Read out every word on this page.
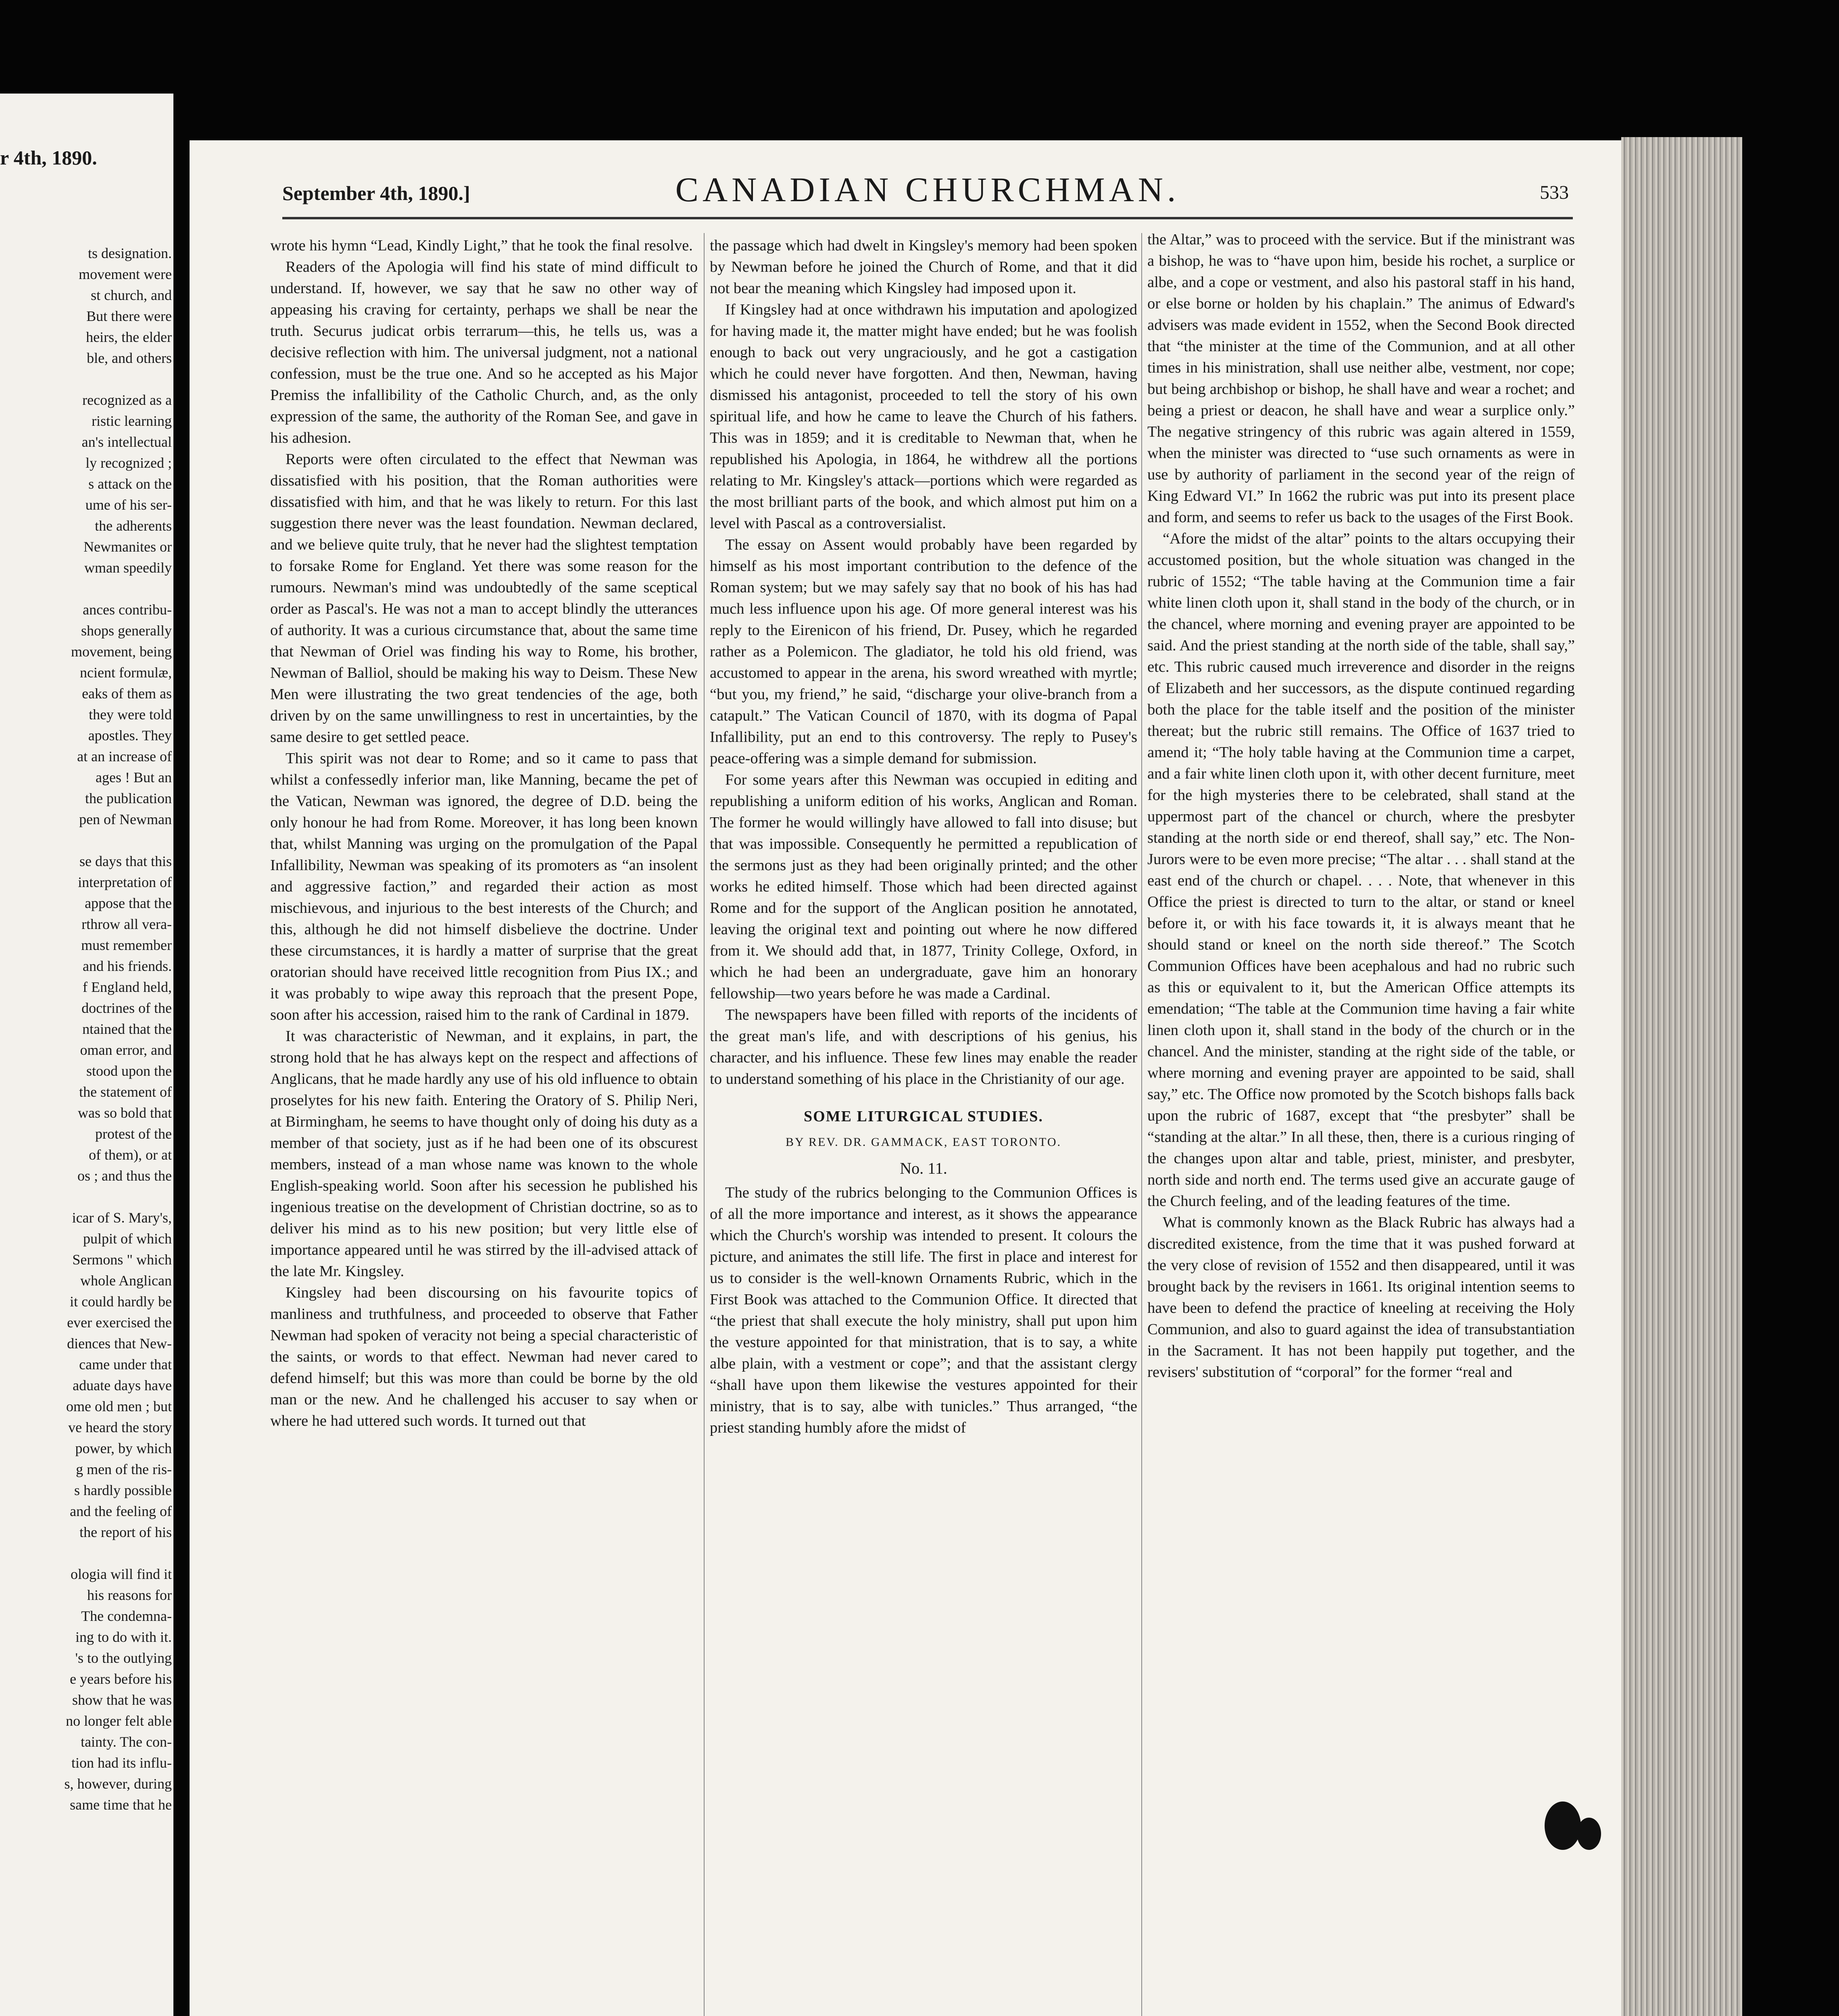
r 4th, 1890.
ts designation.
movement were
st church, and
But there were
heirs, the elder
ble, and others
recognized as a
ristic learning
an's intellectual
ly recognized ;
s attack on the
ume of his ser-
the adherents
Newmanites or
wman speedily
ances contribu-
shops generally
movement, being
ncient formulæ,
eaks of them as
they were told
apostles. They
at an increase of
ages ! But an
the publication
pen of Newman
se days that this
interpretation of
appose that the
rthrow all vera-
must remember
and his friends.
f England held,
doctrines of the
ntained that the
oman error, and
stood upon the
the statement of
was so bold that
protest of the
of them), or at
os ; and thus the
icar of S. Mary's,
pulpit of which
Sermons " which
whole Anglican
it could hardly be
ever exercised the
diences that New-
came under that
aduate days have
ome old men ; but
ve heard the story
power, by which
g men of the ris-
s hardly possible
and the feeling of
the report of his
ologia will find it
his reasons for
The condemna-
ing to do with it.
's to the outlying
e years before his
show that he was
no longer felt able
tainty. The con-
tion had its influ-
s, however, during
same time that he
September 4th, 1890.]	CANADIAN CHURCHMAN.	533

wrote his hymn “Lead, Kindly Light,” that he took the final resolve.

Readers of the Apologia will find his state of mind difficult to understand. If, however, we say that he saw no other way of appeasing his craving for certainty, perhaps we shall be near the truth. Securus judicat orbis terrarum—this, he tells us, was a decisive reflection with him. The universal judgment, not a national confession, must be the true one. And so he accepted as his Major Premiss the infallibility of the Catholic Church, and, as the only expression of the same, the authority of the Roman See, and gave in his adhesion.

Reports were often circulated to the effect that Newman was dissatisfied with his position, that the Roman authorities were dissatisfied with him, and that he was likely to return. For this last suggestion there never was the least foundation. Newman declared, and we believe quite truly, that he never had the slightest temptation to forsake Rome for England. Yet there was some reason for the rumours. Newman's mind was undoubtedly of the same sceptical order as Pascal's. He was not a man to accept blindly the utterances of authority. It was a curious circumstance that, about the same time that Newman of Oriel was finding his way to Rome, his brother, Newman of Balliol, should be making his way to Deism. These New Men were illustrating the two great tendencies of the age, both driven by on the same unwillingness to rest in uncertainties, by the same desire to get settled peace.

This spirit was not dear to Rome; and so it came to pass that whilst a confessedly inferior man, like Manning, became the pet of the Vatican, Newman was ignored, the degree of D.D. being the only honour he had from Rome. Moreover, it has long been known that, whilst Manning was urging on the promulgation of the Papal Infallibility, Newman was speaking of its promoters as “an insolent and aggressive faction,” and regarded their action as most mischievous, and injurious to the best interests of the Church; and this, although he did not himself disbelieve the doctrine. Under these circumstances, it is hardly a matter of surprise that the great oratorian should have received little recognition from Pius IX.; and it was probably to wipe away this reproach that the present Pope, soon after his accession, raised him to the rank of Cardinal in 1879.

It was characteristic of Newman, and it explains, in part, the strong hold that he has always kept on the respect and affections of Anglicans, that he made hardly any use of his old influence to obtain proselytes for his new faith. Entering the Oratory of S. Philip Neri, at Birmingham, he seems to have thought only of doing his duty as a member of that society, just as if he had been one of its obscurest members, instead of a man whose name was known to the whole English-speaking world. Soon after his secession he published his ingenious treatise on the development of Christian doctrine, so as to deliver his mind as to his new position; but very little else of importance appeared until he was stirred by the ill-advised attack of the late Mr. Kingsley.

Kingsley had been discoursing on his favourite topics of manliness and truthfulness, and proceeded to observe that Father Newman had spoken of veracity not being a special characteristic of the saints, or words to that effect. Newman had never cared to defend himself; but this was more than could be borne by the old man or the new. And he challenged his accuser to say when or where he had uttered such words. It turned out that

the passage which had dwelt in Kingsley's memory had been spoken by Newman before he joined the Church of Rome, and that it did not bear the meaning which Kingsley had imposed upon it.

If Kingsley had at once withdrawn his imputation and apologized for having made it, the matter might have ended; but he was foolish enough to back out very ungraciously, and he got a castigation which he could never have forgotten. And then, Newman, having dismissed his antagonist, proceeded to tell the story of his own spiritual life, and how he came to leave the Church of his fathers. This was in 1859; and it is creditable to Newman that, when he republished his Apologia, in 1864, he withdrew all the portions relating to Mr. Kingsley's attack—portions which were regarded as the most brilliant parts of the book, and which almost put him on a level with Pascal as a controversialist.

The essay on Assent would probably have been regarded by himself as his most important contribution to the defence of the Roman system; but we may safely say that no book of his has had much less influence upon his age. Of more general interest was his reply to the Eirenicon of his friend, Dr. Pusey, which he regarded rather as a Polemicon. The gladiator, he told his old friend, was accustomed to appear in the arena, his sword wreathed with myrtle; “but you, my friend,” he said, “discharge your olive-branch from a catapult.” The Vatican Council of 1870, with its dogma of Papal Infallibility, put an end to this controversy. The reply to Pusey's peace-offering was a simple demand for submission.

For some years after this Newman was occupied in editing and republishing a uniform edition of his works, Anglican and Roman. The former he would willingly have allowed to fall into disuse; but that was impossible. Consequently he permitted a republication of the sermons just as they had been originally printed; and the other works he edited himself. Those which had been directed against Rome and for the support of the Anglican position he annotated, leaving the original text and pointing out where he now differed from it. We should add that, in 1877, Trinity College, Oxford, in which he had been an undergraduate, gave him an honorary fellowship—two years before he was made a Cardinal.

The newspapers have been filled with reports of the incidents of the great man's life, and with descriptions of his genius, his character, and his influence. These few lines may enable the reader to understand something of his place in the Christianity of our age.

SOME LITURGICAL STUDIES.
BY REV. DR. GAMMACK, EAST TORONTO.
No. 11.

The study of the rubrics belonging to the Communion Offices is of all the more importance and interest, as it shows the appearance which the Church's worship was intended to present. It colours the picture, and animates the still life. The first in place and interest for us to consider is the well-known Ornaments Rubric, which in the First Book was attached to the Communion Office. It directed that “the priest that shall execute the holy ministry, shall put upon him the vesture appointed for that ministration, that is to say, a white albe plain, with a vestment or cope”; and that the assistant clergy “shall have upon them likewise the vestures appointed for their ministry, that is to say, albe with tunicles.” Thus arranged, “the priest standing humbly afore the midst of

the Altar,” was to proceed with the service. But if the ministrant was a bishop, he was to “have upon him, beside his rochet, a surplice or albe, and a cope or vestment, and also his pastoral staff in his hand, or else borne or holden by his chaplain.” The animus of Edward's advisers was made evident in 1552, when the Second Book directed that “the minister at the time of the Communion, and at all other times in his ministration, shall use neither albe, vestment, nor cope; but being archbishop or bishop, he shall have and wear a rochet; and being a priest or deacon, he shall have and wear a surplice only.” The negative stringency of this rubric was again altered in 1559, when the minister was directed to “use such ornaments as were in use by authority of parliament in the second year of the reign of King Edward VI.” In 1662 the rubric was put into its present place and form, and seems to refer us back to the usages of the First Book.

“Afore the midst of the altar” points to the altars occupying their accustomed position, but the whole situation was changed in the rubric of 1552; “The table having at the Communion time a fair white linen cloth upon it, shall stand in the body of the church, or in the chancel, where morning and evening prayer are appointed to be said. And the priest standing at the north side of the table, shall say,” etc. This rubric caused much irreverence and disorder in the reigns of Elizabeth and her successors, as the dispute continued regarding both the place for the table itself and the position of the minister thereat; but the rubric still remains. The Office of 1637 tried to amend it; “The holy table having at the Communion time a carpet, and a fair white linen cloth upon it, with other decent furniture, meet for the high mysteries there to be celebrated, shall stand at the uppermost part of the chancel or church, where the presbyter standing at the north side or end thereof, shall say,” etc. The Non-Jurors were to be even more precise; “The altar . . . shall stand at the east end of the church or chapel. . . . Note, that whenever in this Office the priest is directed to turn to the altar, or stand or kneel before it, or with his face towards it, it is always meant that he should stand or kneel on the north side thereof.” The Scotch Communion Offices have been acephalous and had no rubric such as this or equivalent to it, but the American Office attempts its emendation; “The table at the Communion time having a fair white linen cloth upon it, shall stand in the body of the church or in the chancel. And the minister, standing at the right side of the table, or where morning and evening prayer are appointed to be said, shall say,” etc. The Office now promoted by the Scotch bishops falls back upon the rubric of 1687, except that “the presbyter” shall be “standing at the altar.” In all these, then, there is a curious ringing of the changes upon altar and table, priest, minister, and presbyter, north side and north end. The terms used give an accurate gauge of the Church feeling, and of the leading features of the time.

What is commonly known as the Black Rubric has always had a discredited existence, from the time that it was pushed forward at the very close of revision of 1552 and then disappeared, until it was brought back by the revisers in 1661. Its original intention seems to have been to defend the practice of kneeling at receiving the Holy Communion, and also to guard against the idea of transubstantiation in the Sacrament. It has not been happily put together, and the revisers' substitution of “corporal” for the former “real and
